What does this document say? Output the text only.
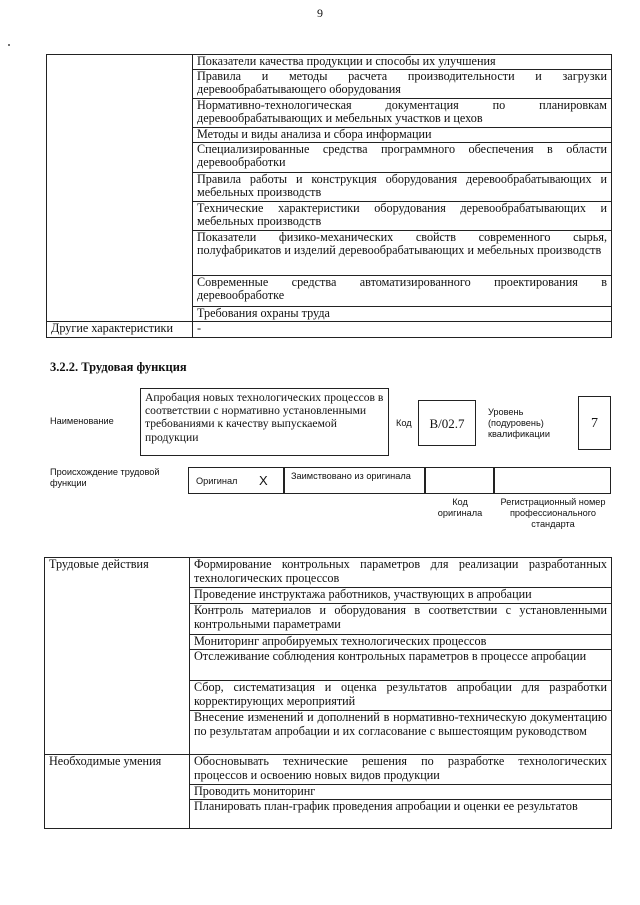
9
	Показатели качества продукции и способы их улучшения
	Правила и методы расчета производительности и загрузки деревообрабатывающего оборудования
	Нормативно-технологическая документация по планировкам деревообрабатывающих и мебельных участков и цехов
	Методы и виды анализа и сбора информации
	Специализированные средства программного обеспечения в области деревообработки
	Правила работы и конструкция оборудования деревообрабатывающих и мебельных производств
	Технические характеристики оборудования деревообрабатывающих и мебельных производств
	Показатели физико-механических свойств современного сырья, полуфабрикатов и изделий деревообрабатывающих и мебельных производств
	Современные средства автоматизированного проектирования в деревообработке
	Требования охраны труда
Другие характеристики	-
3.2.2. Трудовая функция
Наименование
Апробация новых технологических процессов в соответствии с нормативно установленными требованиями к качеству выпускаемой продукции
Код	B/02.7
Уровень (подуровень) квалификации
7
Происхождение трудовой функции	Оригинал X	Заимствовано из оригинала
Код оригинала
Регистрационный номер профессионального стандарта
Трудовые действия	Формирование контрольных параметров для реализации разработанных технологических процессов
	Проведение инструктажа работников, участвующих в апробации
	Контроль материалов и оборудования в соответствии с установленными контрольными параметрами
	Мониторинг апробируемых технологических процессов
	Отслеживание соблюдения контрольных параметров в процессе апробации
	Сбор, систематизация и оценка результатов апробации для разработки корректирующих мероприятий
	Внесение изменений и дополнений в нормативно-техническую документацию по результатам апробации и их согласование с вышестоящим руководством
Необходимые умения	Обосновывать технические решения по разработке технологических процессов и освоению новых видов продукции
	Проводить мониторинг
	Планировать план-график проведения апробации и оценки ее результатов
